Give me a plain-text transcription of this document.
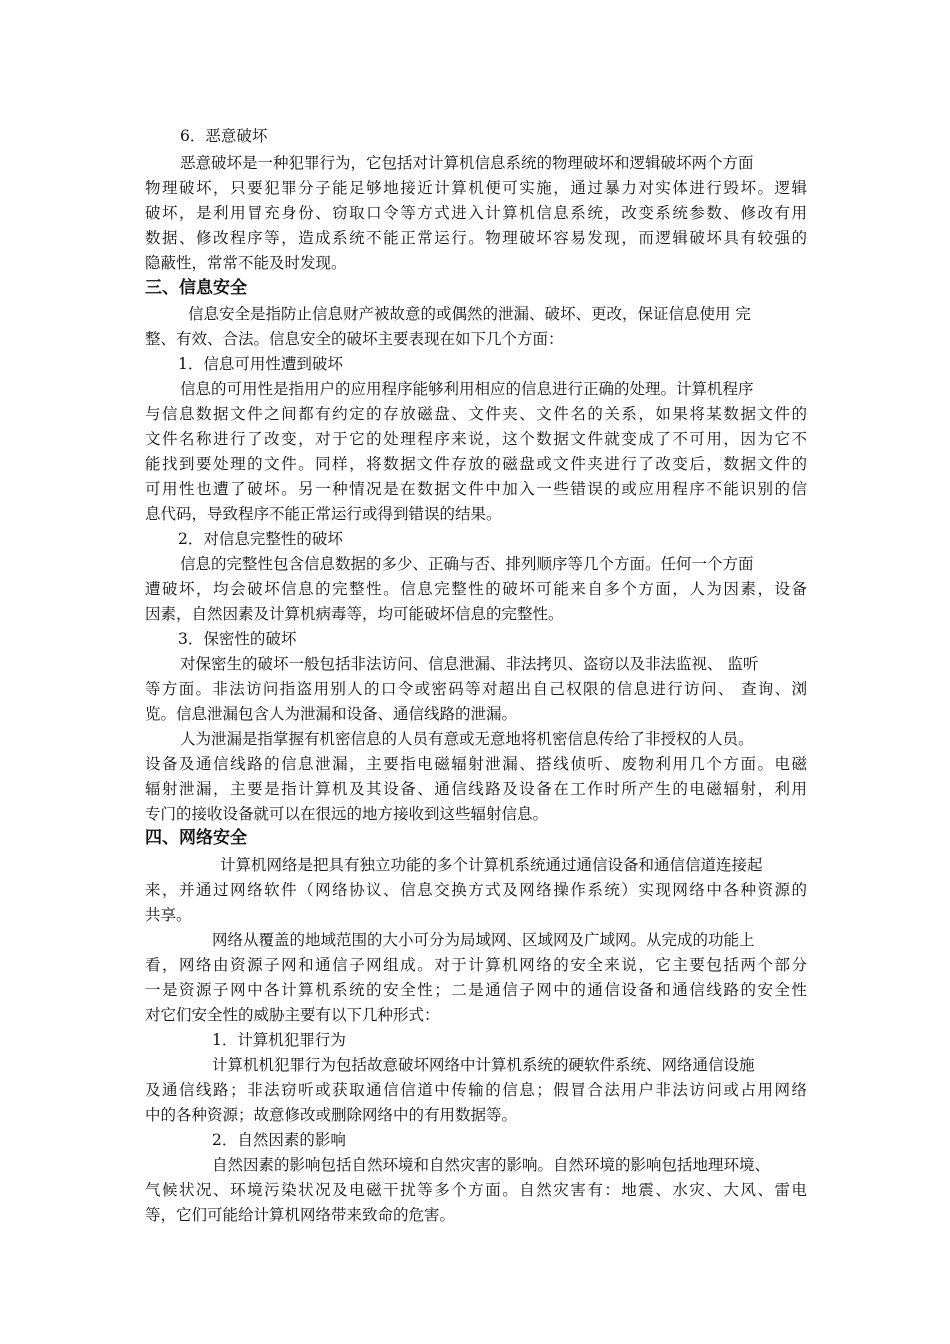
6．恶意破坏
恶意破坏是一种犯罪行为，它包括对计算机信息系统的物理破坏和逻辑破坏两个方面
物理破坏，只要犯罪分子能足够地接近计算机便可实施，通过暴力对实体进行毁坏。逻辑
破坏，是利用冒充身份、窃取口令等方式进入计算机信息系统，改变系统参数、修改有用
数据、修改程序等，造成系统不能正常运行。物理破坏容易发现，而逻辑破坏具有较强的
隐蔽性，常常不能及时发现。
三、信息安全
信息安全是指防止信息财产被故意的或偶然的泄漏、破坏、更改，保证信息使用 完
整、有效、合法。信息安全的破坏主要表现在如下几个方面：
1．信息可用性遭到破坏
信息的可用性是指用户的应用程序能够利用相应的信息进行正确的处理。计算机程序
与信息数据文件之间都有约定的存放磁盘、文件夹、文件名的关系，如果将某数据文件的
文件名称进行了改变，对于它的处理程序来说，这个数据文件就变成了不可用，因为它不
能找到要处理的文件。同样，将数据文件存放的磁盘或文件夹进行了改变后，数据文件的
可用性也遭了破坏。另一种情况是在数据文件中加入一些错误的或应用程序不能识别的信
息代码，导致程序不能正常运行或得到错误的结果。
2．对信息完整性的破坏
信息的完整性包含信息数据的多少、正确与否、排列顺序等几个方面。任何一个方面
遭破坏，均会破坏信息的完整性。信息完整性的破坏可能来自多个方面，人为因素，设备
因素，自然因素及计算机病毒等，均可能破坏信息的完整性。
3．保密性的破坏
对保密生的破坏一般包括非法访问、信息泄漏、非法拷贝、盗窃以及非法监视、 监听
等方面。非法访问指盗用别人的口令或密码等对超出自己权限的信息进行访问、 查询、浏
览。信息泄漏包含人为泄漏和设备、通信线路的泄漏。
人为泄漏是指掌握有机密信息的人员有意或无意地将机密信息传给了非授权的人员。
设备及通信线路的信息泄漏，主要指电磁辐射泄漏、搭线侦听、废物利用几个方面。电磁
辐射泄漏，主要是指计算机及其设备、通信线路及设备在工作时所产生的电磁辐射，利用
专门的接收设备就可以在很远的地方接收到这些辐射信息。
四、网络安全
计算机网络是把具有独立功能的多个计算机系统通过通信设备和通信信道连接起
来，并通过网络软件（网络协议、信息交换方式及网络操作系统）实现网络中各种资源的
共享。
网络从覆盖的地域范围的大小可分为局域网、区域网及广域网。从完成的功能上
看，网络由资源子网和通信子网组成。对于计算机网络的安全来说，它主要包括两个部分
一是资源子网中各计算机系统的安全性；二是通信子网中的通信设备和通信线路的安全性
对它们安全性的威胁主要有以下几种形式：
1．计算机犯罪行为
计算机机犯罪行为包括故意破坏网络中计算机系统的硬软件系统、网络通信设施
及通信线路；非法窃听或获取通信信道中传输的信息；假冒合法用户非法访问或占用网络
中的各种资源；故意修改或删除网络中的有用数据等。
2．自然因素的影响
自然因素的影响包括自然环境和自然灾害的影响。自然环境的影响包括地理环境、
气候状况、环境污染状况及电磁干扰等多个方面。自然灾害有：地震、水灾、大风、雷电
等，它们可能给计算机网络带来致命的危害。
